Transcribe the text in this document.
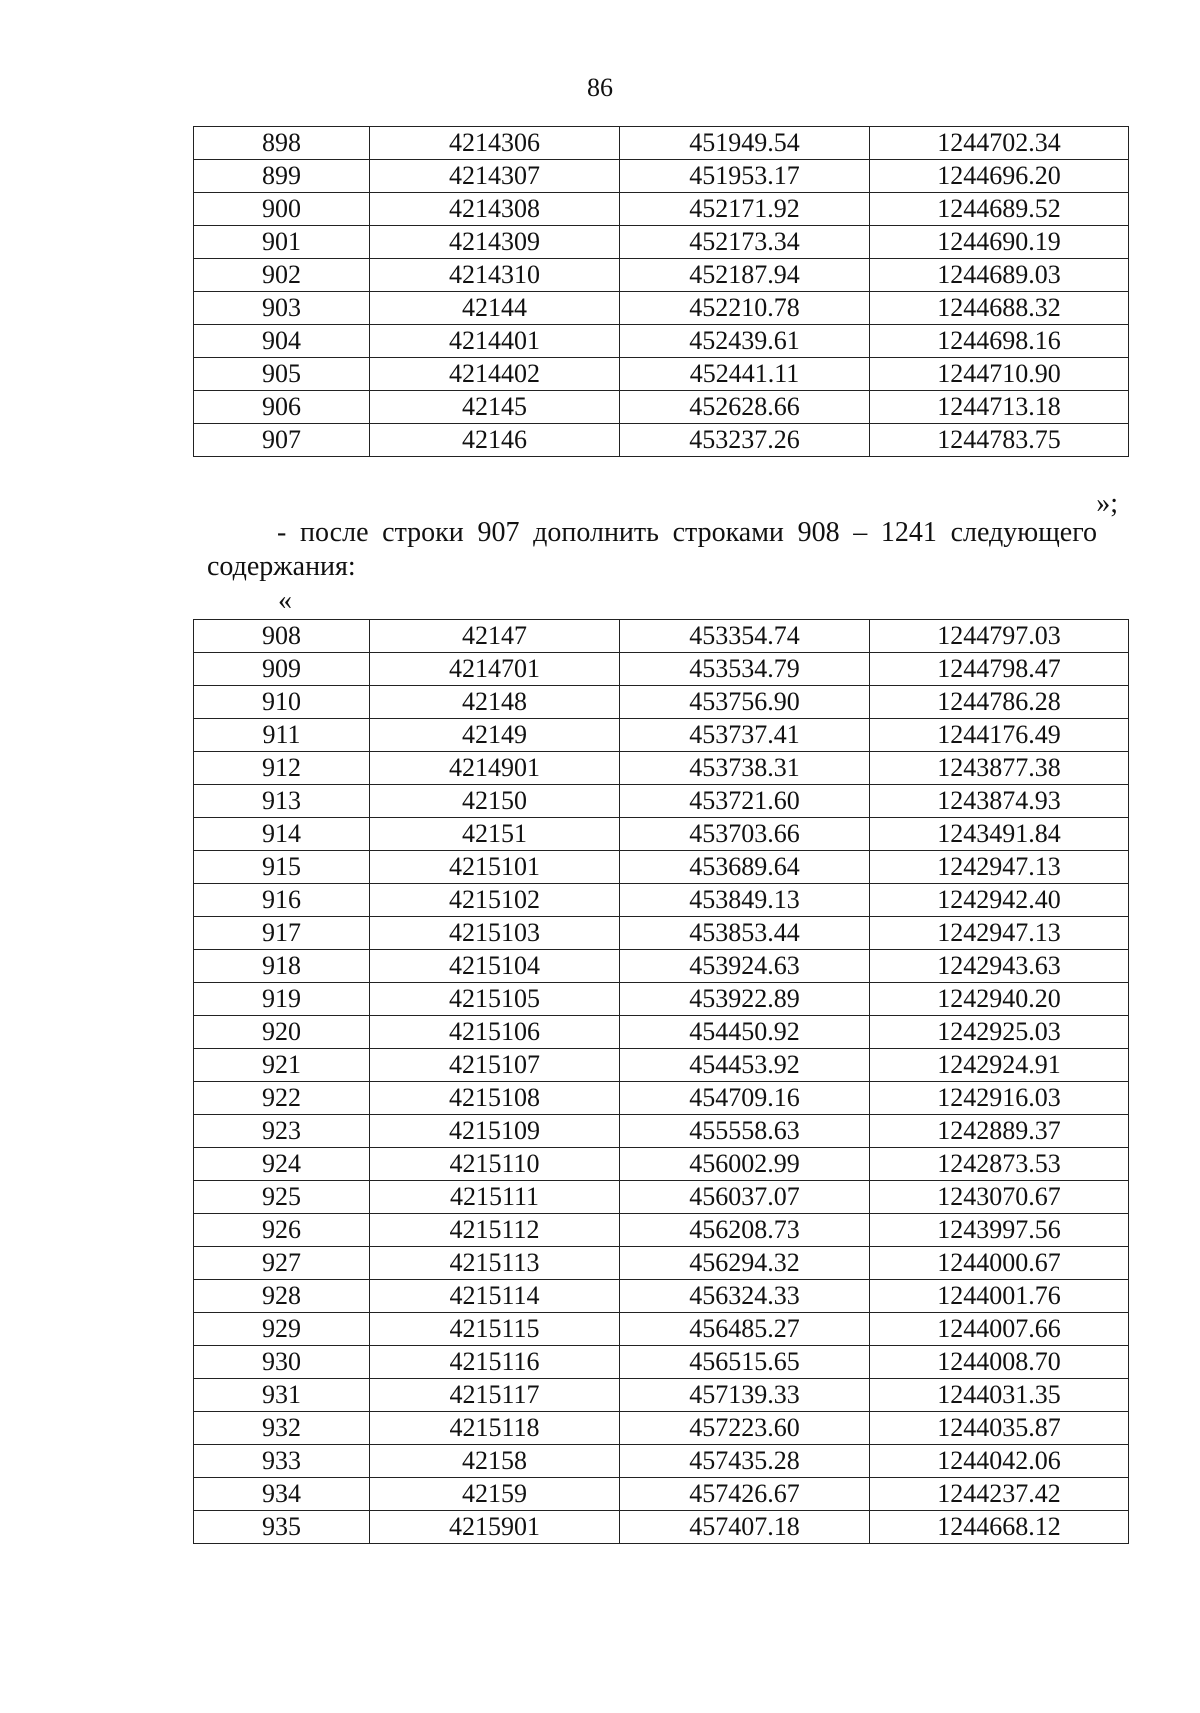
86
898	4214306	451949.54	1244702.34
899	4214307	451953.17	1244696.20
900	4214308	452171.92	1244689.52
901	4214309	452173.34	1244690.19
902	4214310	452187.94	1244689.03
903	42144	452210.78	1244688.32
904	4214401	452439.61	1244698.16
905	4214402	452441.11	1244710.90
906	42145	452628.66	1244713.18
907	42146	453237.26	1244783.75
»;

- после строки 907 дополнить строками 908 – 1241 следующего содержания:

«
908	42147	453354.74	1244797.03
909	4214701	453534.79	1244798.47
910	42148	453756.90	1244786.28
911	42149	453737.41	1244176.49
912	4214901	453738.31	1243877.38
913	42150	453721.60	1243874.93
914	42151	453703.66	1243491.84
915	4215101	453689.64	1242947.13
916	4215102	453849.13	1242942.40
917	4215103	453853.44	1242947.13
918	4215104	453924.63	1242943.63
919	4215105	453922.89	1242940.20
920	4215106	454450.92	1242925.03
921	4215107	454453.92	1242924.91
922	4215108	454709.16	1242916.03
923	4215109	455558.63	1242889.37
924	4215110	456002.99	1242873.53
925	4215111	456037.07	1243070.67
926	4215112	456208.73	1243997.56
927	4215113	456294.32	1244000.67
928	4215114	456324.33	1244001.76
929	4215115	456485.27	1244007.66
930	4215116	456515.65	1244008.70
931	4215117	457139.33	1244031.35
932	4215118	457223.60	1244035.87
933	42158	457435.28	1244042.06
934	42159	457426.67	1244237.42
935	4215901	457407.18	1244668.12
